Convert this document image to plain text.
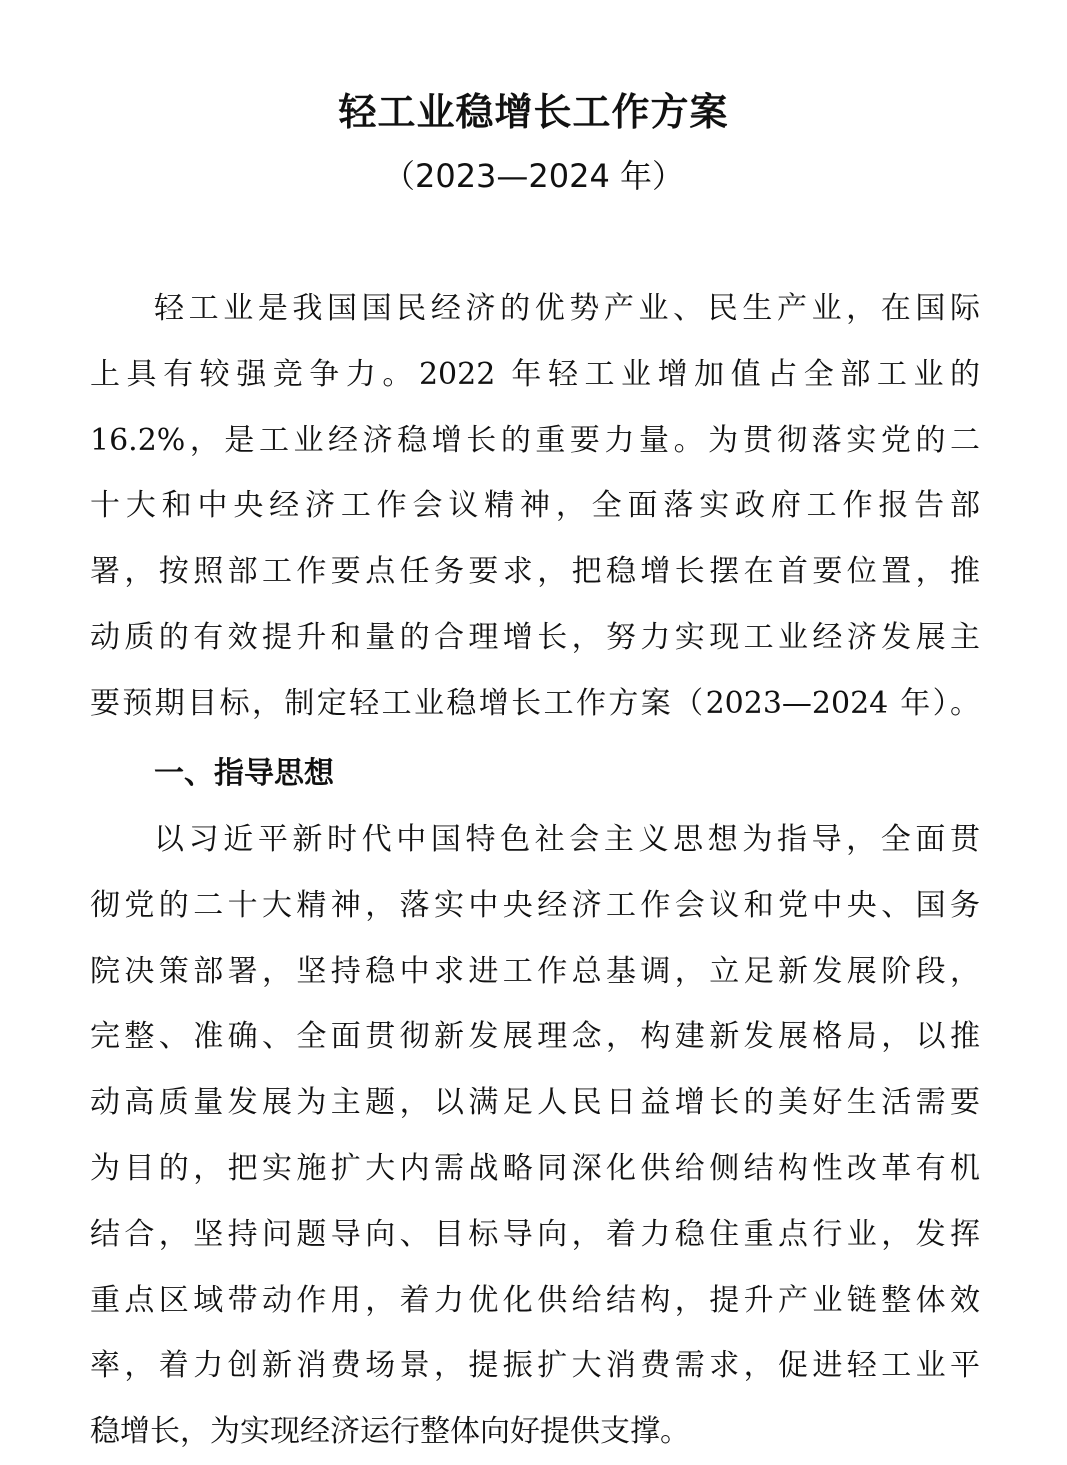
轻工业稳增长工作方案
（2023—2024 年）
轻工业是我国国民经济的优势产业、民生产业，在国际
上具有较强竞争力。2022 年轻工业增加值占全部工业的
16.2%，是工业经济稳增长的重要力量。为贯彻落实党的二
十大和中央经济工作会议精神，全面落实政府工作报告部
署，按照部工作要点任务要求，把稳增长摆在首要位置，推
动质的有效提升和量的合理增长，努力实现工业经济发展主
要预期目标，制定轻工业稳增长工作方案（2023—2024 年）。
一、指导思想
以习近平新时代中国特色社会主义思想为指导，全面贯
彻党的二十大精神，落实中央经济工作会议和党中央、国务
院决策部署，坚持稳中求进工作总基调，立足新发展阶段，
完整、准确、全面贯彻新发展理念，构建新发展格局，以推
动高质量发展为主题，以满足人民日益增长的美好生活需要
为目的，把实施扩大内需战略同深化供给侧结构性改革有机
结合，坚持问题导向、目标导向，着力稳住重点行业，发挥
重点区域带动作用，着力优化供给结构，提升产业链整体效
率，着力创新消费场景，提振扩大消费需求，促进轻工业平
稳增长，为实现经济运行整体向好提供支撑。
